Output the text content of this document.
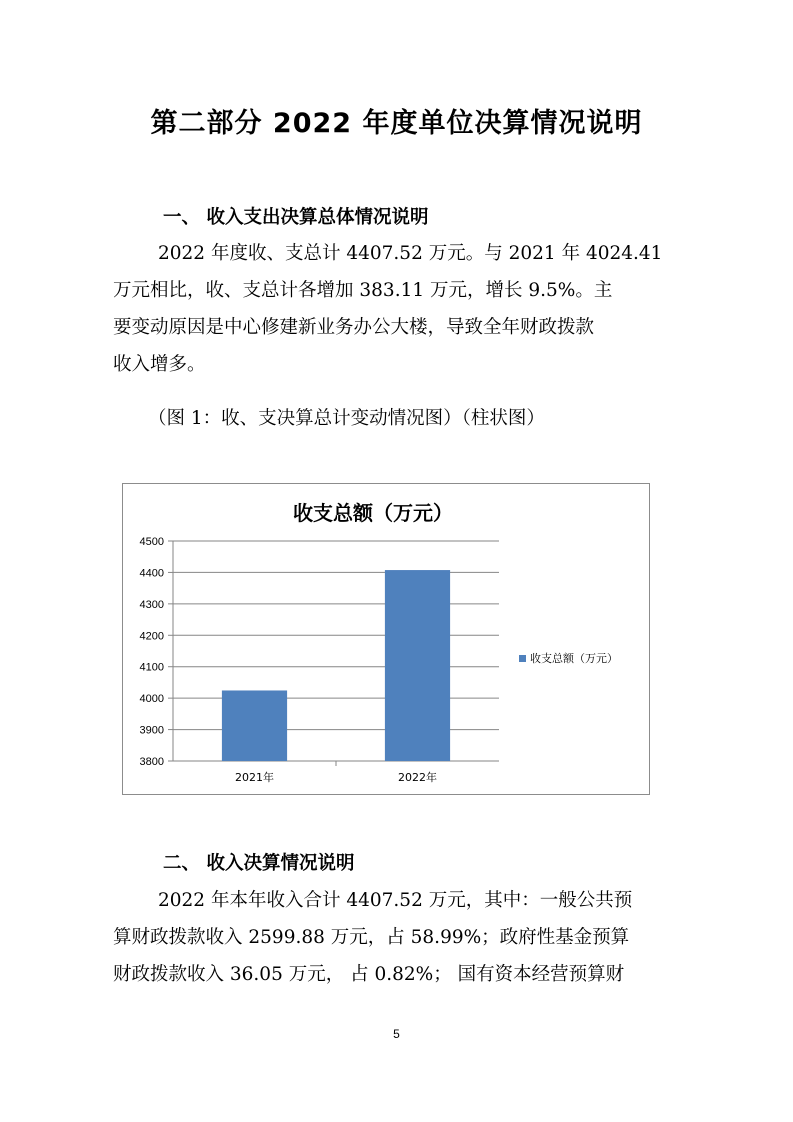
第二部分 2022 年度单位决算情况说明
一、 收入支出决算总体情况说明
2022 年度收、支总计 4407.52 万元。与 2021 年 4024.41
万元相比，收、支总计各增加 383.11 万元，增长 9.5%。主
要变动原因是中心修建新业务办公大楼，导致全年财政拨款
收入增多。
（图 1：收、支决算总计变动情况图）（柱状图）
收支总额（万元）
3800
3900
4000
4100
4200
4300
4400
4500
2021年	2022年
收支总额（万元）
二、 收入决算情况说明
2022 年本年收入合计 4407.52 万元，其中：一般公共预
算财政拨款收入 2599.88 万元，占 58.99%；政府性基金预算
财政拨款收入 36.05 万元， 占 0.82%； 国有资本经营预算财
5
